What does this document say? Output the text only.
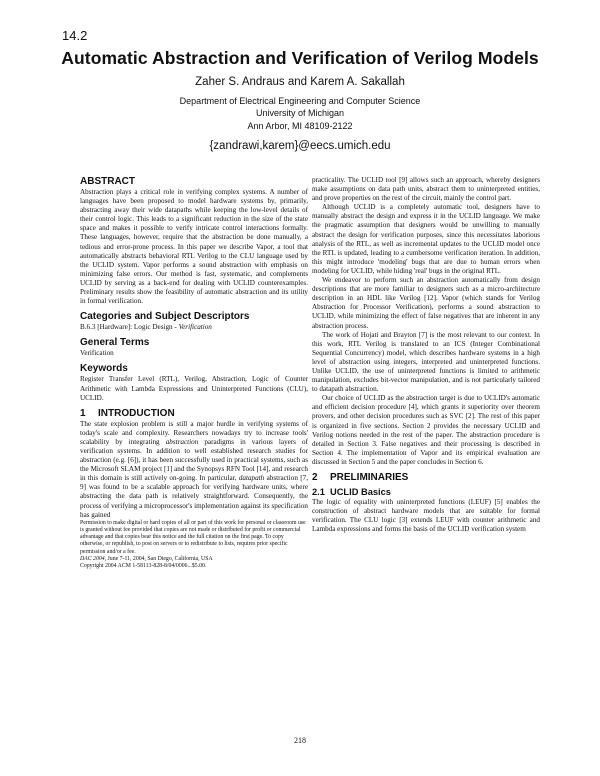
14.2
Automatic Abstraction and Verification of Verilog Models
Zaher S. Andraus and Karem A. Sakallah
Department of Electrical Engineering and Computer Science
University of Michigan
Ann Arbor, MI 48109-2122
{zandrawi,karem}@eecs.umich.edu
ABSTRACT

Abstraction plays a critical role in verifying complex systems. A number of languages have been proposed to model hardware systems by, primarily, abstracting away their wide datapaths while keeping the low-level details of their control logic. This leads to a significant reduction in the size of the state space and makes it possible to verify intricate control interactions formally. These languages, however, require that the abstraction be done manually, a tedious and error-prone process. In this paper we describe Vapor, a tool that automatically abstracts behavioral RTL Verilog to the CLU language used by the UCLID system. Vapor performs a sound abstraction with emphasis on minimizing false errors. Our method is fast, systematic, and complements UCLID by serving as a back-end for dealing with UCLID counterexamples. Preliminary results show the feasibility of automatic abstraction and its utility in formal verification.

Categories and Subject Descriptors

B.6.3 [Hardware]: Logic Design - Verification

General Terms

Verification

Keywords

Register Transfer Level (RTL), Verilog, Abstraction, Logic of Counter Arithmetic with Lambda Expressions and Uninterpreted Functions (CLU), UCLID.

1 INTRODUCTION

The state explosion problem is still a major hurdle in verifying systems of today's scale and complexity. Researchers nowadays try to increase tools' scalability by integrating abstraction paradigms in various layers of verification systems. In addition to well established research studies for abstraction (e.g. [6]), it has been successfully used in practical systems, such as the Microsoft SLAM project [1] and the Synopsys RFN Tool [14], and research in this domain is still actively on-going. In particular, datapath abstraction [7, 9] was found to be a scalable approach for verifying hardware units, where abstracting the data path is relatively straightforward. Consequently, the process of verifying a microprocessor's implementation against its specification has gained

Permission to make digital or hard copies of all or part of this work for personal or classroom use is granted without fee provided that copies are not made or distributed for profit or commercial advantage and that copies bear this notice and the full citation on the first page. To copy otherwise, or republish, to post on servers or to redistribute to lists, requires prior specific permission and/or a fee.

DAC 2004, June 7-11, 2004, San Diego, California, USA

Copyright 2004 ACM 1-58113-828-8/04/0006...$5.00.

practicality. The UCLID tool [9] allows such an approach, whereby designers make assumptions on data path units, abstract them to uninterpreted entities, and prove properties on the rest of the circuit, mainly the control part.

Although UCLID is a completely automatic tool, designers have to manually abstract the design and express it in the UCLID language. We make the pragmatic assumption that designers would be unwilling to manually abstract the design for verification purposes, since this necessitates laborious analysis of the RTL, as well as incremental updates to the UCLID model once the RTL is updated, leading to a cumbersome verification iteration. In addition, this might introduce 'modeling' bugs that are due to human errors when modeling for UCLID, while hiding 'real' bugs in the original RTL.

We endeavor to perform such an abstraction automatically from design descriptions that are more familiar to designers such as a micro-architecture description in an HDL like Verilog [12]. Vapor (which stands for Verilog Abstraction for Processor Verification), performs a sound abstraction to UCLID, while minimizing the effect of false negatives that are inherent in any abstraction process.

The work of Hojati and Brayton [7] is the most relevant to our context. In this work, RTL Verilog is translated to an ICS (Integer Combinational Sequential Concurrency) model, which describes hardware systems in a high level of abstraction using integers, interpreted and uninterpreted functions. Unlike UCLID, the use of uninterpreted functions is limited to arithmetic manipulation, excludes bit-vector manipulation, and is not particularly tailored to datapath abstraction.

Our choice of UCLID as the abstraction target is due to UCLID's automatic and efficient decision procedure [4], which grants it superiority over theorem provers, and other decision procedures such as SVC [2]. The rest of this paper is organized in five sections. Section 2 provides the necessary UCLID and Verilog notions needed in the rest of the paper. The abstraction procedure is detailed in Section 3. False negatives and their processing is described in Section 4. The implementation of Vapor and its empirical evaluation are discussed in Section 5 and the paper concludes in Section 6.

2 PRELIMINARIES
2.1 UCLID Basics

The logic of equality with uninterpreted functions (LEUF) [5] enables the construction of abstract hardware models that are suitable for formal verification. The CLU logic [3] extends LEUF with counter arithmetic and Lambda expressions and forms the basis of the UCLID verification system

218
